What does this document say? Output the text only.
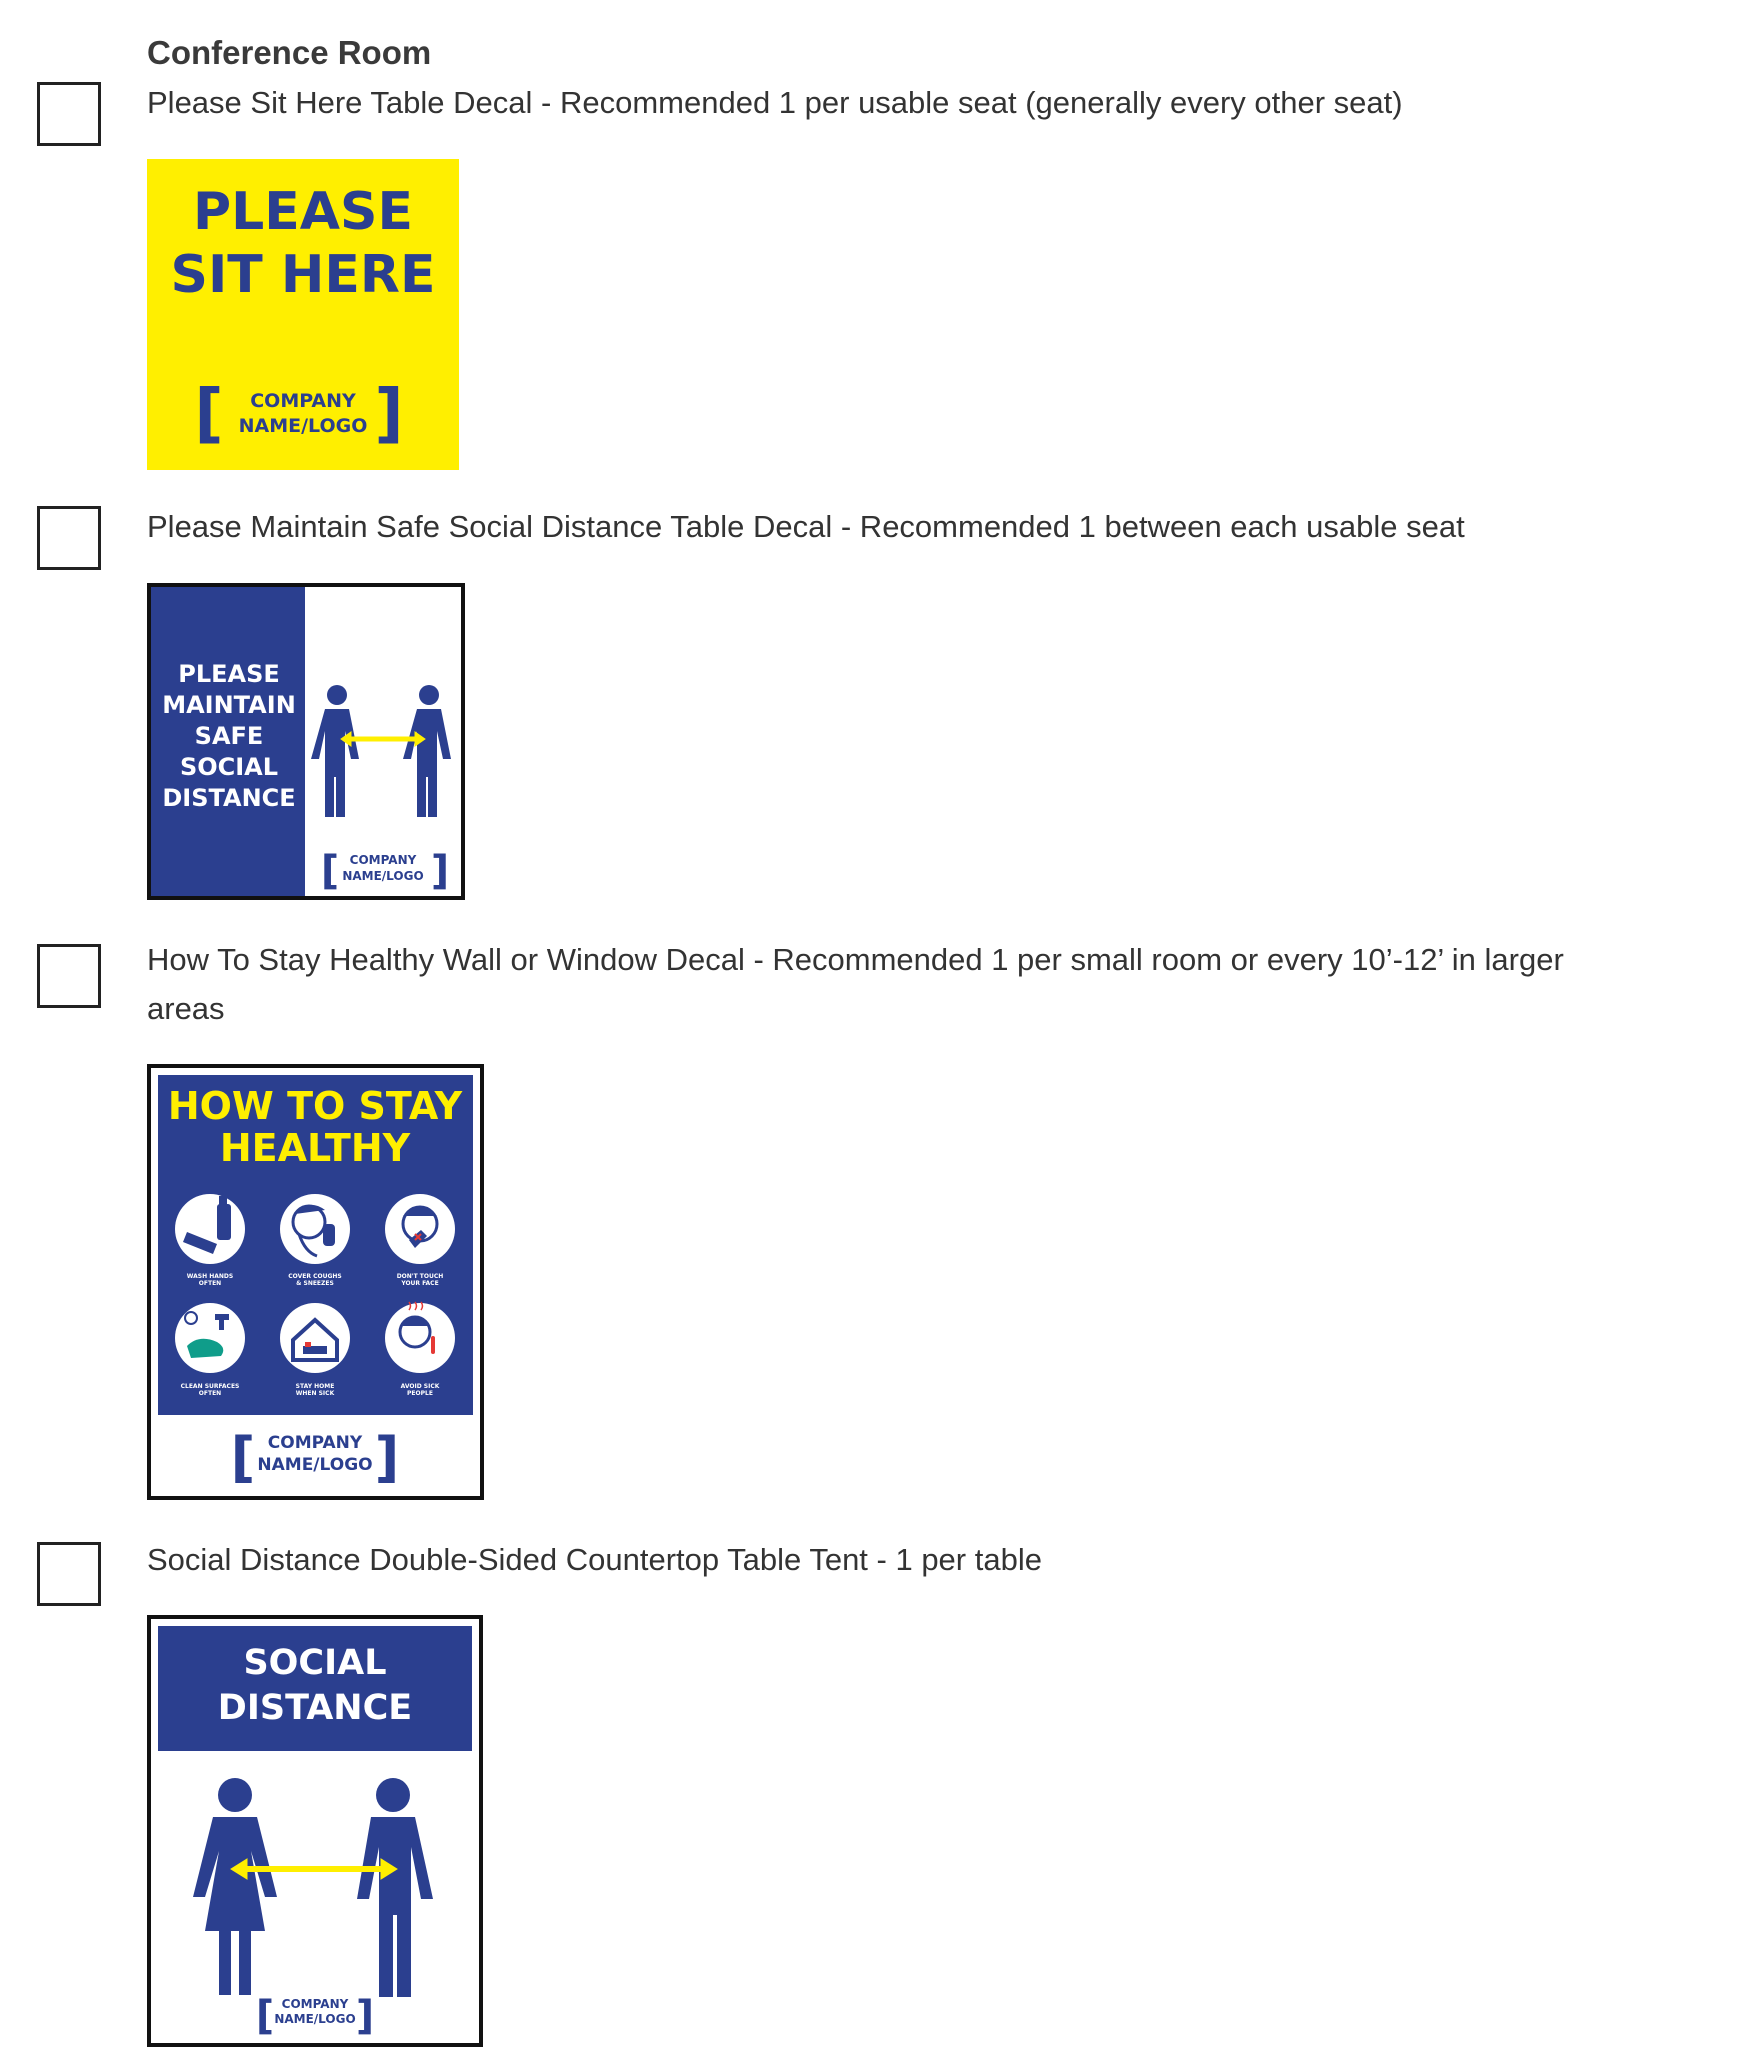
Conference Room
Please Sit Here Table Decal - Recommended 1 per usable seat (generally every other seat)
PLEASE
SIT HERE
[ ]
COMPANY
NAME/LOGO
Please Maintain Safe Social Distance Table Decal - Recommended 1 between each usable seat
PLEASE
MAINTAIN
SAFE
SOCIAL
DISTANCE
[ ]
COMPANY
NAME/LOGO
How To Stay Healthy Wall or Window Decal - Recommended 1 per small room or every 10’-12’ in larger areas
HOW TO STAY
HEALTHY
WASH HANDS
OFTEN
COVER COUGHS
& SNEEZES
DON'T TOUCH
YOUR FACE
CLEAN SURFACES
OFTEN
STAY HOME
WHEN SICK
AVOID SICK
PEOPLE
[ ]
COMPANY
NAME/LOGO
Social Distance Double-Sided Countertop Table Tent - 1 per table
SOCIAL
DISTANCE
[ ]
COMPANY
NAME/LOGO
